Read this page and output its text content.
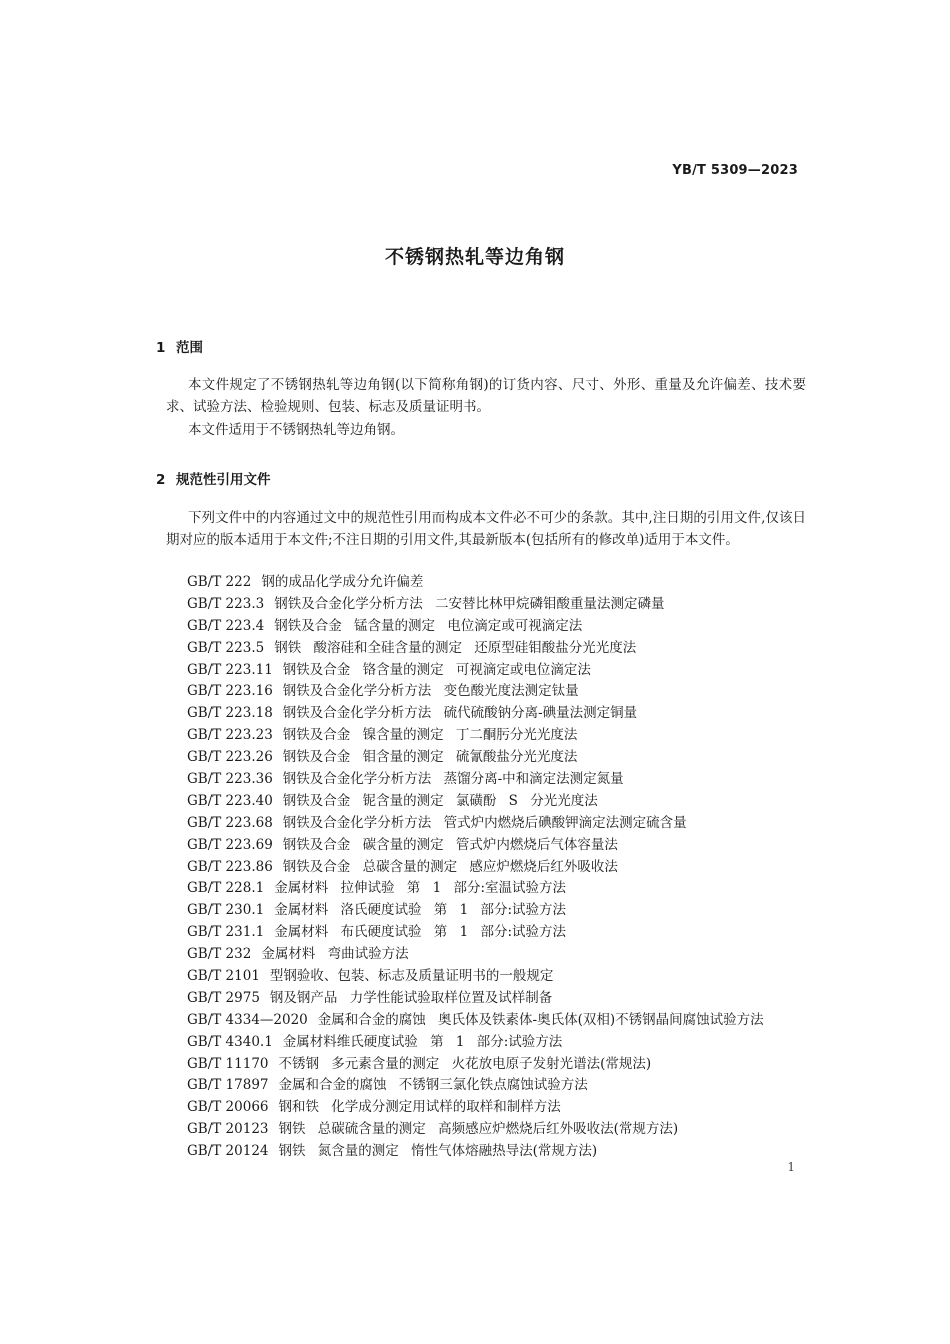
YB/T 5309—2023
不锈钢热轧等边角钢
1 范围
本文件规定了不锈钢热轧等边角钢(以下简称角钢)的订货内容、尺寸、外形、重量及允许偏差、技术要求、试验方法、检验规则、包装、标志及质量证明书。
本文件适用于不锈钢热轧等边角钢。
2 规范性引用文件
下列文件中的内容通过文中的规范性引用而构成本文件必不可少的条款。其中,注日期的引用文件,仅该日期对应的版本适用于本文件;不注日期的引用文件,其最新版本(包括所有的修改单)适用于本文件。
GB/T 222 钢的成品化学成分允许偏差
GB/T 223.3 钢铁及合金化学分析方法 二安替比林甲烷磷钼酸重量法测定磷量
GB/T 223.4 钢铁及合金 锰含量的测定 电位滴定或可视滴定法
GB/T 223.5 钢铁 酸溶硅和全硅含量的测定 还原型硅钼酸盐分光光度法
GB/T 223.11 钢铁及合金 铬含量的测定 可视滴定或电位滴定法
GB/T 223.16 钢铁及合金化学分析方法 变色酸光度法测定钛量
GB/T 223.18 钢铁及合金化学分析方法 硫代硫酸钠分离-碘量法测定铜量
GB/T 223.23 钢铁及合金 镍含量的测定 丁二酮肟分光光度法
GB/T 223.26 钢铁及合金 钼含量的测定 硫氰酸盐分光光度法
GB/T 223.36 钢铁及合金化学分析方法 蒸馏分离-中和滴定法测定氮量
GB/T 223.40 钢铁及合金 铌含量的测定 氯磺酚 S 分光光度法
GB/T 223.68 钢铁及合金化学分析方法 管式炉内燃烧后碘酸钾滴定法测定硫含量
GB/T 223.69 钢铁及合金 碳含量的测定 管式炉内燃烧后气体容量法
GB/T 223.86 钢铁及合金 总碳含量的测定 感应炉燃烧后红外吸收法
GB/T 228.1 金属材料 拉伸试验 第 1 部分:室温试验方法
GB/T 230.1 金属材料 洛氏硬度试验 第 1 部分:试验方法
GB/T 231.1 金属材料 布氏硬度试验 第 1 部分:试验方法
GB/T 232 金属材料 弯曲试验方法
GB/T 2101 型钢验收、包装、标志及质量证明书的一般规定
GB/T 2975 钢及钢产品 力学性能试验取样位置及试样制备
GB/T 4334—2020 金属和合金的腐蚀 奥氏体及铁素体-奥氏体(双相)不锈钢晶间腐蚀试验方法
GB/T 4340.1 金属材料维氏硬度试验 第 1 部分:试验方法
GB/T 11170 不锈钢 多元素含量的测定 火花放电原子发射光谱法(常规法)
GB/T 17897 金属和合金的腐蚀 不锈钢三氯化铁点腐蚀试验方法
GB/T 20066 钢和铁 化学成分测定用试样的取样和制样方法
GB/T 20123 钢铁 总碳硫含量的测定 高频感应炉燃烧后红外吸收法(常规方法)
GB/T 20124 钢铁 氮含量的测定 惰性气体熔融热导法(常规方法)
1
